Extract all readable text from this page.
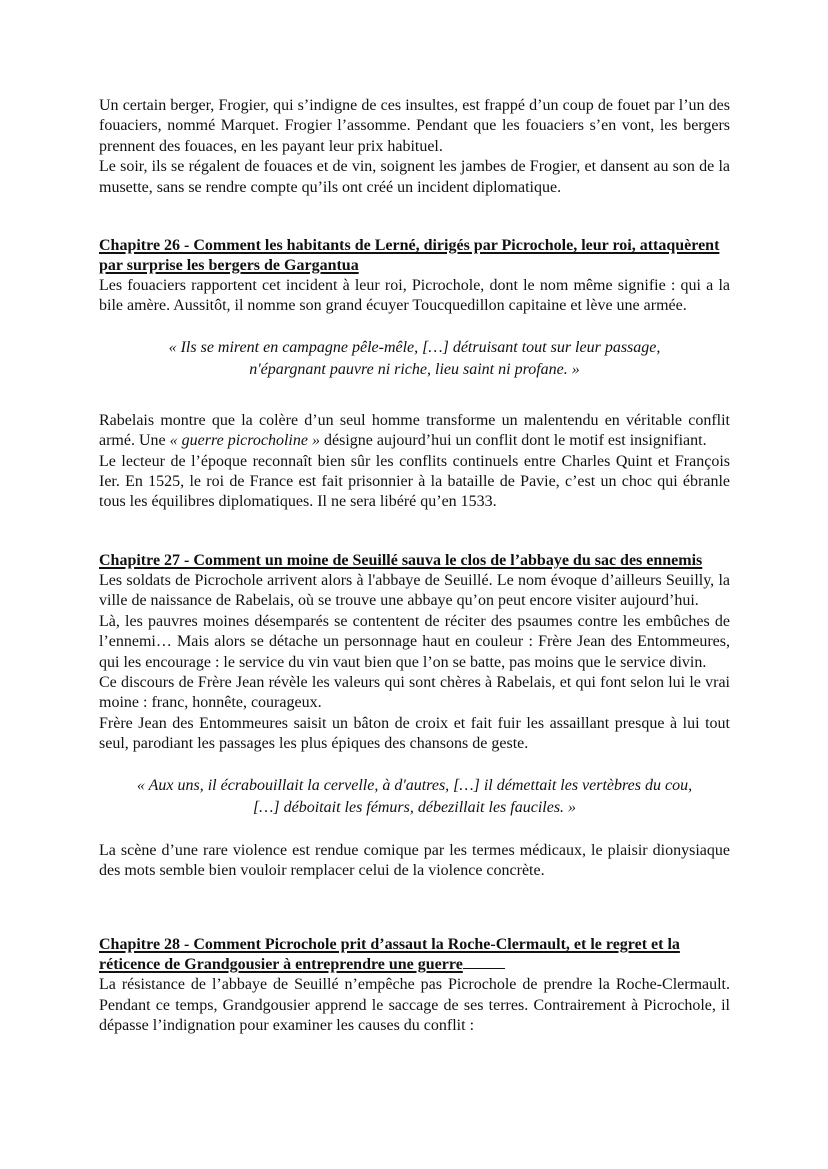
Un certain berger, Frogier, qui s’indigne de ces insultes, est frappé d’un coup de fouet par l’un des fouaciers, nommé Marquet. Frogier l’assomme. Pendant que les fouaciers s’en vont, les bergers prennent des fouaces, en les payant leur prix habituel.

Le soir, ils se régalent de fouaces et de vin, soignent les jambes de Frogier, et dansent au son de la musette, sans se rendre compte qu’ils ont créé un incident diplomatique.

Chapitre 26 - Comment les habitants de Lerné, dirigés par Picrochole, leur roi, attaquèrent par surprise les bergers de Gargantua

Les fouaciers rapportent cet incident à leur roi, Picrochole, dont le nom même signifie : qui a la bile amère. Aussitôt, il nomme son grand écuyer Toucquedillon capitaine et lève une armée.

« Ils se mirent en campagne pêle-mêle, […] détruisant tout sur leur passage,

n'épargnant pauvre ni riche, lieu saint ni profane. »

Rabelais montre que la colère d’un seul homme transforme un malentendu en véritable conflit armé. Une « guerre picrocholine » désigne aujourd’hui un conflit dont le motif est insignifiant.

Le lecteur de l’époque reconnaît bien sûr les conflits continuels entre Charles Quint et François Ier. En 1525, le roi de France est fait prisonnier à la bataille de Pavie, c’est un choc qui ébranle tous les équilibres diplomatiques. Il ne sera libéré qu’en 1533.

Chapitre 27 - Comment un moine de Seuillé sauva le clos de l’abbaye du sac des ennemis

Les soldats de Picrochole arrivent alors à l'abbaye de Seuillé. Le nom évoque d’ailleurs Seuilly, la ville de naissance de Rabelais, où se trouve une abbaye qu’on peut encore visiter aujourd’hui.

Là, les pauvres moines désemparés se contentent de réciter des psaumes contre les embûches de l’ennemi… Mais alors se détache un personnage haut en couleur : Frère Jean des Entommeures, qui les encourage : le service du vin vaut bien que l’on se batte, pas moins que le service divin.

Ce discours de Frère Jean révèle les valeurs qui sont chères à Rabelais, et qui font selon lui le vrai moine : franc, honnête, courageux.

Frère Jean des Entommeures saisit un bâton de croix et fait fuir les assaillant presque à lui tout seul, parodiant les passages les plus épiques des chansons de geste.

« Aux uns, il écrabouillait la cervelle, à d'autres, […] il démettait les vertèbres du cou,

[…] déboitait les fémurs, débezillait les fauciles. »

La scène d’une rare violence est rendue comique par les termes médicaux, le plaisir dionysiaque des mots semble bien vouloir remplacer celui de la violence concrète.

Chapitre 28 - Comment Picrochole prit d’assaut la Roche-Clermault, et le regret et la réticence de Grandgousier à entreprendre une guerre

La résistance de l’abbaye de Seuillé n’empêche pas Picrochole de prendre la Roche-Clermault. Pendant ce temps, Grandgousier apprend le saccage de ses terres. Contrairement à Picrochole, il dépasse l’indignation pour examiner les causes du conflit :
